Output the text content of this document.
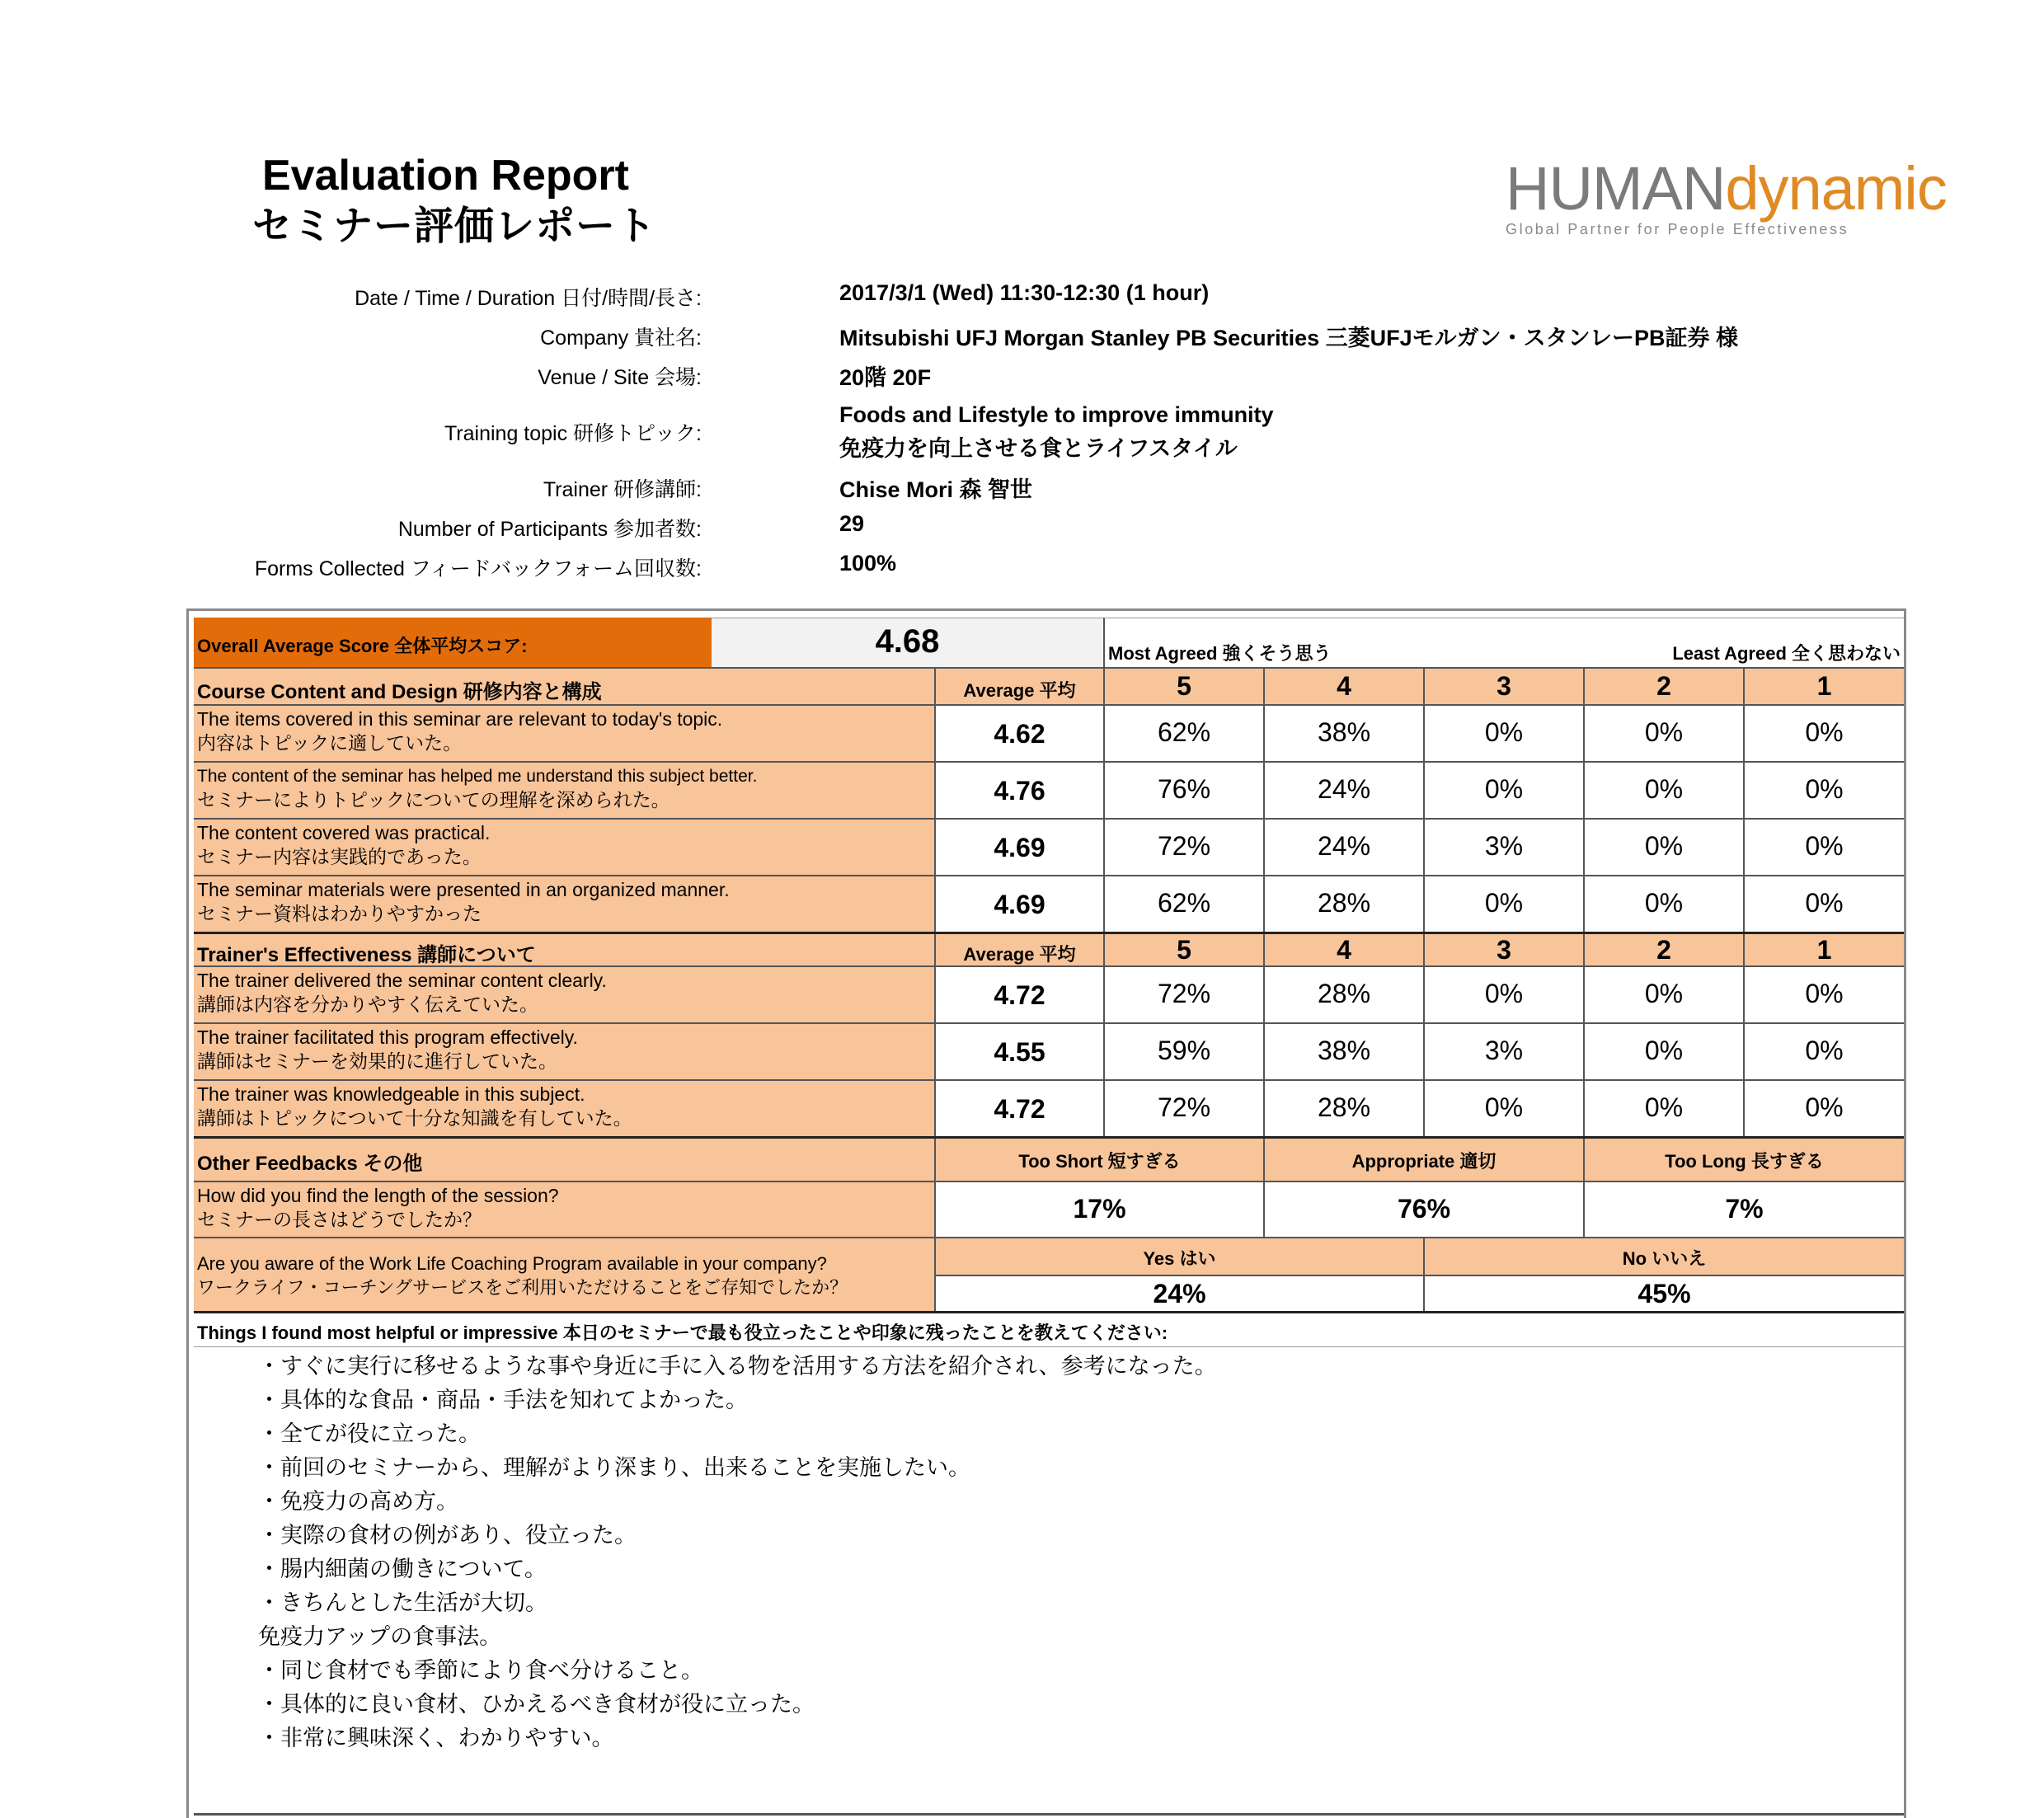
Evaluation Report
セミナー評価レポート
HUMANdynamic
Global Partner for People Effectiveness
Date / Time / Duration 日付/時間/長さ:	2017/3/1 (Wed) 11:30-12:30 (1 hour)
Company 貴社名:	Mitsubishi UFJ Morgan Stanley PB Securities 三菱UFJモルガン・スタンレーPB証券 様
Venue / Site 会場:	20階 20F
Training topic 研修トピック:
Foods and Lifestyle to improve immunity
免疫力を向上させる食とライフスタイル
Trainer 研修講師:	Chise Mori 森 智世
Number of Participants 参加者数:	29
Forms Collected フィードバックフォーム回収数:	100%
Overall Average Score 全体平均スコア:	4.68	Most Agreed 強くそう思う	Least Agreed 全く思わない
Course Content and Design 研修内容と構成	Average 平均	5	4	3	2	1
The items covered in this seminar are relevant to today's topic.
内容はトピックに適していた。	4.62	62%	38%	0%	0%	0%
The content of the seminar has helped me understand this subject better.
セミナーによりトピックについての理解を深められた。	4.76	76%	24%	0%	0%	0%
The content covered was practical.
セミナー内容は実践的であった。	4.69	72%	24%	3%	0%	0%
The seminar materials were presented in an organized manner.
セミナー資料はわかりやすかった	4.69	62%	28%	0%	0%	0%
Trainer's Effectiveness 講師について	Average 平均	5	4	3	2	1
The trainer delivered the seminar content clearly.
講師は内容を分かりやすく伝えていた。	4.72	72%	28%	0%	0%	0%
The trainer facilitated this program effectively.
講師はセミナーを効果的に進行していた。	4.55	59%	38%	3%	0%	0%
The trainer was knowledgeable in this subject.
講師はトピックについて十分な知識を有していた。	4.72	72%	28%	0%	0%	0%
Other Feedbacks その他	Too Short 短すぎる	Appropriate 適切	Too Long 長すぎる
How did you find the length of the session?
セミナーの長さはどうでしたか？	17%	76%	7%
Are you aware of the Work Life Coaching Program available in your company?
ワークライフ・コーチングサービスをご利用いただけることをご存知でしたか？
Yes はい	No いいえ
24%	45%
Things I found most helpful or impressive 本日のセミナーで最も役立ったことや印象に残ったことを教えてください:
・すぐに実行に移せるような事や身近に手に入る物を活用する方法を紹介され、参考になった。
・具体的な食品・商品・手法を知れてよかった。
・全てが役に立った。
・前回のセミナーから、理解がより深まり、出来ることを実施したい。
・免疫力の高め方。
・実際の食材の例があり、役立った。
・腸内細菌の働きについて。
・きちんとした生活が大切。
免疫力アップの食事法。
・同じ食材でも季節により食べ分けること。
・具体的に良い食材、ひかえるべき食材が役に立った。
・非常に興味深く、わかりやすい。
